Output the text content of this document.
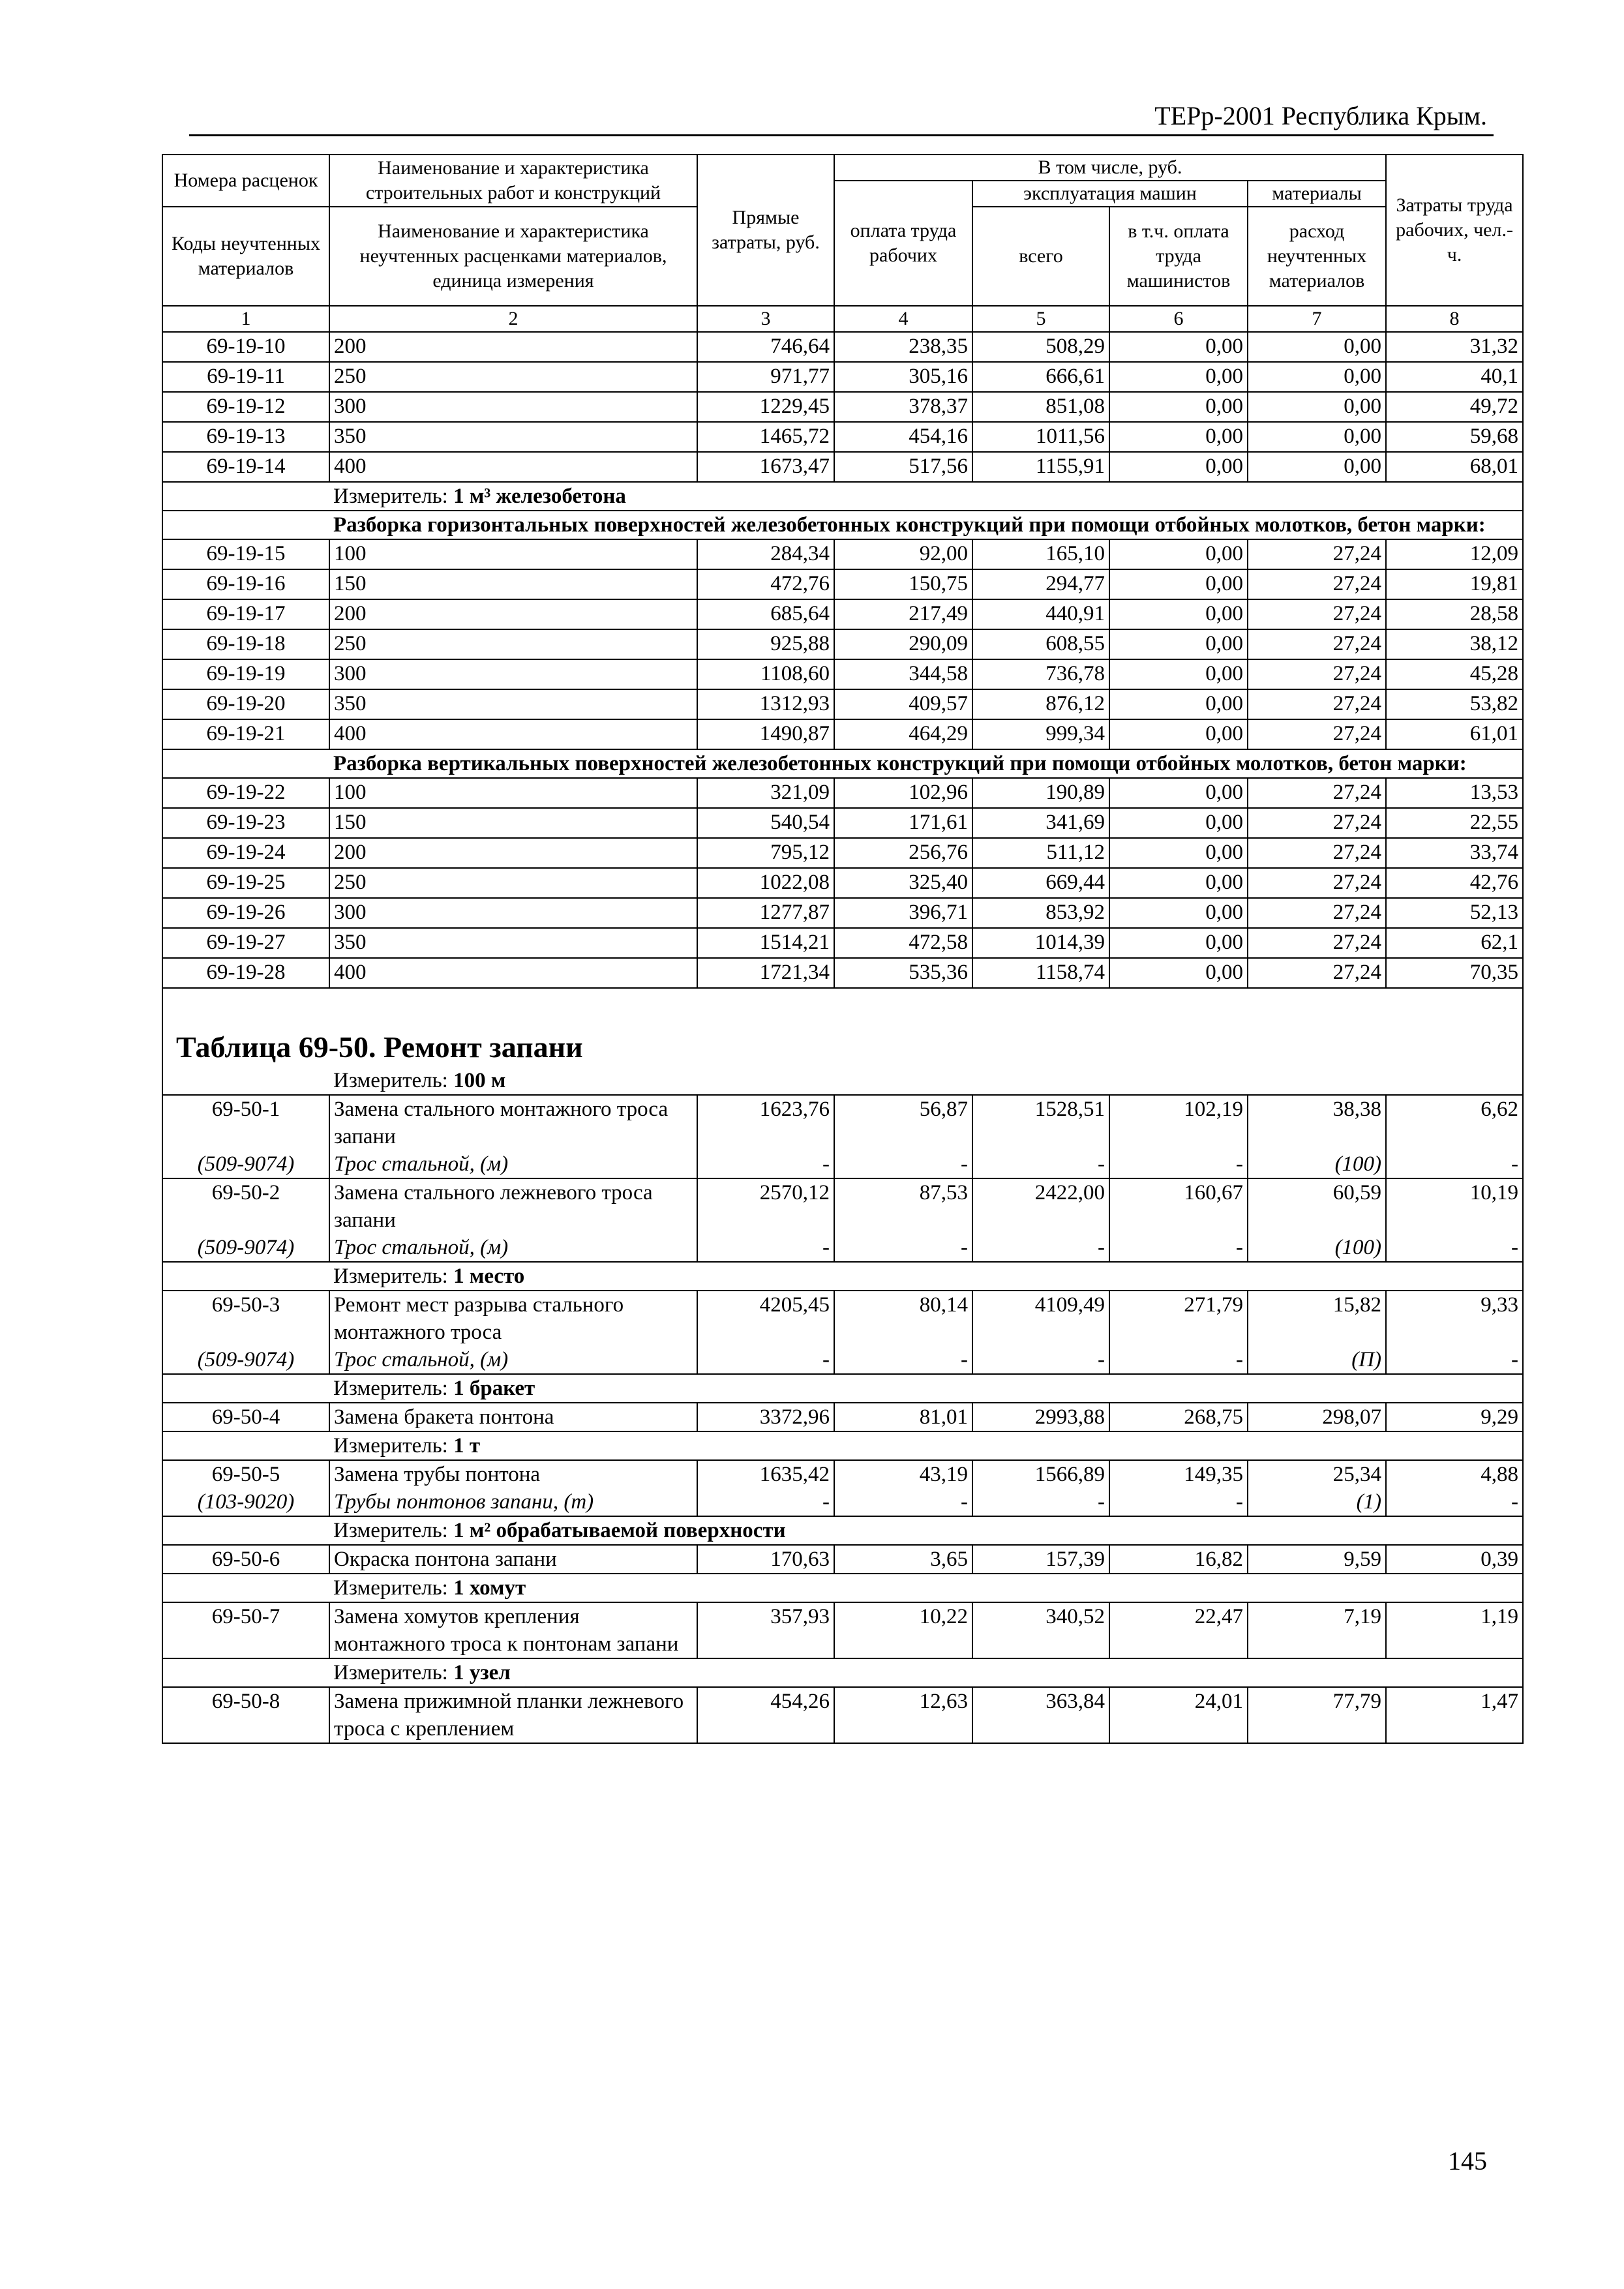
ТЕРр-2001 Республика Крым.
Номера расценок	Наименование и характеристика строительных работ и конструкций	Прямые затраты, руб.	В том числе, руб.				Затраты труда рабочих, чел.-ч.
			оплата труда рабочих	эксплуатация машин		материалы	
Коды неучтенных материалов	Наименование и характеристика неучтенных расценками материалов, единица измерения			всего	в т.ч. оплата труда машинистов	расход неучтенных материалов	
1	2	3	4	5	6	7	8
69-19-10	200	746,64	238,35	508,29	0,00	0,00	31,32
69-19-11	250	971,77	305,16	666,61	0,00	0,00	40,1
69-19-12	300	1229,45	378,37	851,08	0,00	0,00	49,72
69-19-13	350	1465,72	454,16	1011,56	0,00	0,00	59,68
69-19-14	400	1673,47	517,56	1155,91	0,00	0,00	68,01
	Измеритель: 1 м³ железобетона						
	Разборка горизонтальных поверхностей железобетонных конструкций при помощи отбойных молотков, бетон марки:						
69-19-15	100	284,34	92,00	165,10	0,00	27,24	12,09
69-19-16	150	472,76	150,75	294,77	0,00	27,24	19,81
69-19-17	200	685,64	217,49	440,91	0,00	27,24	28,58
69-19-18	250	925,88	290,09	608,55	0,00	27,24	38,12
69-19-19	300	1108,60	344,58	736,78	0,00	27,24	45,28
69-19-20	350	1312,93	409,57	876,12	0,00	27,24	53,82
69-19-21	400	1490,87	464,29	999,34	0,00	27,24	61,01
	Разборка вертикальных поверхностей железобетонных конструкций при помощи отбойных молотков, бетон марки:						
69-19-22	100	321,09	102,96	190,89	0,00	27,24	13,53
69-19-23	150	540,54	171,61	341,69	0,00	27,24	22,55
69-19-24	200	795,12	256,76	511,12	0,00	27,24	33,74
69-19-25	250	1022,08	325,40	669,44	0,00	27,24	42,76
69-19-26	300	1277,87	396,71	853,92	0,00	27,24	52,13
69-19-27	350	1514,21	472,58	1014,39	0,00	27,24	62,1
69-19-28	400	1721,34	535,36	1158,74	0,00	27,24	70,35
Таблица 69-50. Ремонт запани							
	Измеритель: 100 м						
69-50-1	Замена стального монтажного троса запани	1623,76	56,87	1528,51	102,19	38,38	6,62
(509-9074)	Трос стальной, (м)	-	-	-	-	(100)	-
69-50-2	Замена стального лежневого троса запани	2570,12	87,53	2422,00	160,67	60,59	10,19
(509-9074)	Трос стальной, (м)	-	-	-	-	(100)	-
	Измеритель: 1 место						
69-50-3	Ремонт мест разрыва стального монтажного троса	4205,45	80,14	4109,49	271,79	15,82	9,33
(509-9074)	Трос стальной, (м)	-	-	-	-	(П)	-
	Измеритель: 1 бракет						
69-50-4	Замена бракета понтона	3372,96	81,01	2993,88	268,75	298,07	9,29
	Измеритель: 1 т						
69-50-5	Замена трубы понтона	1635,42	43,19	1566,89	149,35	25,34	4,88
(103-9020)	Трубы понтонов запани, (т)	-	-	-	-	(1)	-
	Измеритель: 1 м² обрабатываемой поверхности						
69-50-6	Окраска понтона запани	170,63	3,65	157,39	16,82	9,59	0,39
	Измеритель: 1 хомут						
69-50-7	Замена хомутов крепления монтажного троса к понтонам запани	357,93	10,22	340,52	22,47	7,19	1,19
	Измеритель: 1 узел						
69-50-8	Замена прижимной планки лежневого троса с креплением	454,26	12,63	363,84	24,01	77,79	1,47
145
